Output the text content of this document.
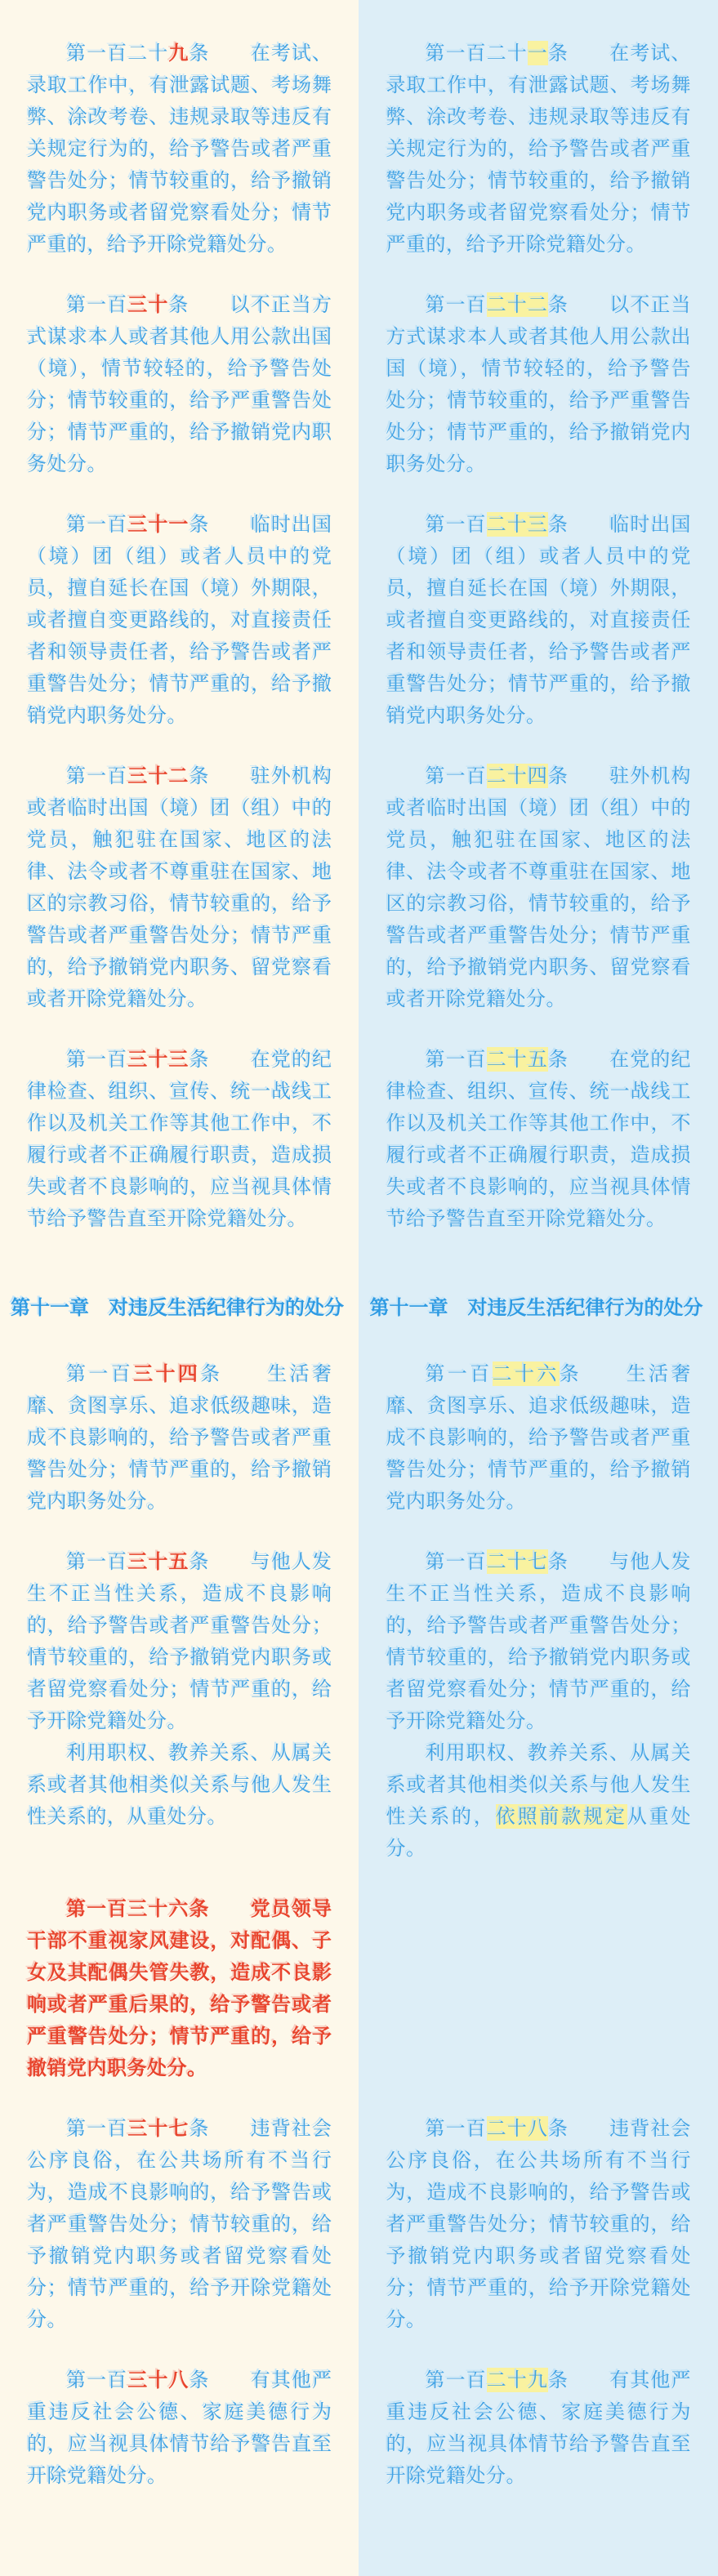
第一百二十九条　　在考试、录取工作中，有泄露试题、考场舞弊、涂改考卷、违规录取等违反有关规定行为的，给予警告或者严重警告处分；情节较重的，给予撤销党内职务或者留党察看处分；情节严重的，给予开除党籍处分。

第一百二十一条　　在考试、录取工作中，有泄露试题、考场舞弊、涂改考卷、违规录取等违反有关规定行为的，给予警告或者严重警告处分；情节较重的，给予撤销党内职务或者留党察看处分；情节严重的，给予开除党籍处分。

第一百三十条　　以不正当方式谋求本人或者其他人用公款出国（境），情节较轻的，给予警告处分；情节较重的，给予严重警告处分；情节严重的，给予撤销党内职务处分。

第一百二十二条　　以不正当方式谋求本人或者其他人用公款出国（境），情节较轻的，给予警告处分；情节较重的，给予严重警告处分；情节严重的，给予撤销党内职务处分。

第一百三十一条　　临时出国（境）团（组）或者人员中的党员，擅自延长在国（境）外期限，或者擅自变更路线的，对直接责任者和领导责任者，给予警告或者严重警告处分；情节严重的，给予撤销党内职务处分。

第一百二十三条　　临时出国（境）团（组）或者人员中的党员，擅自延长在国（境）外期限，或者擅自变更路线的，对直接责任者和领导责任者，给予警告或者严重警告处分；情节严重的，给予撤销党内职务处分。

第一百三十二条　　驻外机构或者临时出国（境）团（组）中的党员，触犯驻在国家、地区的法律、法令或者不尊重驻在国家、地区的宗教习俗，情节较重的，给予警告或者严重警告处分；情节严重的，给予撤销党内职务、留党察看或者开除党籍处分。

第一百二十四条　　驻外机构或者临时出国（境）团（组）中的党员，触犯驻在国家、地区的法律、法令或者不尊重驻在国家、地区的宗教习俗，情节较重的，给予警告或者严重警告处分；情节严重的，给予撤销党内职务、留党察看或者开除党籍处分。

第一百三十三条　　在党的纪律检查、组织、宣传、统一战线工作以及机关工作等其他工作中，不履行或者不正确履行职责，造成损失或者不良影响的，应当视具体情节给予警告直至开除党籍处分。

第一百二十五条　　在党的纪律检查、组织、宣传、统一战线工作以及机关工作等其他工作中，不履行或者不正确履行职责，造成损失或者不良影响的，应当视具体情节给予警告直至开除党籍处分。

第十一章　对违反生活纪律行为的处分 第十一章　对违反生活纪律行为的处分

第一百三十四条　　生活奢靡、贪图享乐、追求低级趣味，造成不良影响的，给予警告或者严重警告处分；情节严重的，给予撤销党内职务处分。

第一百二十六条　　生活奢靡、贪图享乐、追求低级趣味，造成不良影响的，给予警告或者严重警告处分；情节严重的，给予撤销党内职务处分。

第一百三十五条　　与他人发生不正当性关系，造成不良影响的，给予警告或者严重警告处分；情节较重的，给予撤销党内职务或者留党察看处分；情节严重的，给予开除党籍处分。

利用职权、教养关系、从属关系或者其他相类似关系与他人发生性关系的，从重处分。

第一百二十七条　　与他人发生不正当性关系，造成不良影响的，给予警告或者严重警告处分；情节较重的，给予撤销党内职务或者留党察看处分；情节严重的，给予开除党籍处分。

利用职权、教养关系、从属关系或者其他相类似关系与他人发生性关系的，依照前款规定从重处分。

第一百三十六条　　党员领导干部不重视家风建设，对配偶、子女及其配偶失管失教，造成不良影响或者严重后果的，给予警告或者严重警告处分；情节严重的，给予撤销党内职务处分。

第一百三十七条　　违背社会公序良俗，在公共场所有不当行为，造成不良影响的，给予警告或者严重警告处分；情节较重的，给予撤销党内职务或者留党察看处分；情节严重的，给予开除党籍处分。

第一百二十八条　　违背社会公序良俗，在公共场所有不当行为，造成不良影响的，给予警告或者严重警告处分；情节较重的，给予撤销党内职务或者留党察看处分；情节严重的，给予开除党籍处分。

第一百三十八条　　有其他严重违反社会公德、家庭美德行为的，应当视具体情节给予警告直至开除党籍处分。

第一百二十九条　　有其他严重违反社会公德、家庭美德行为的，应当视具体情节给予警告直至开除党籍处分。
